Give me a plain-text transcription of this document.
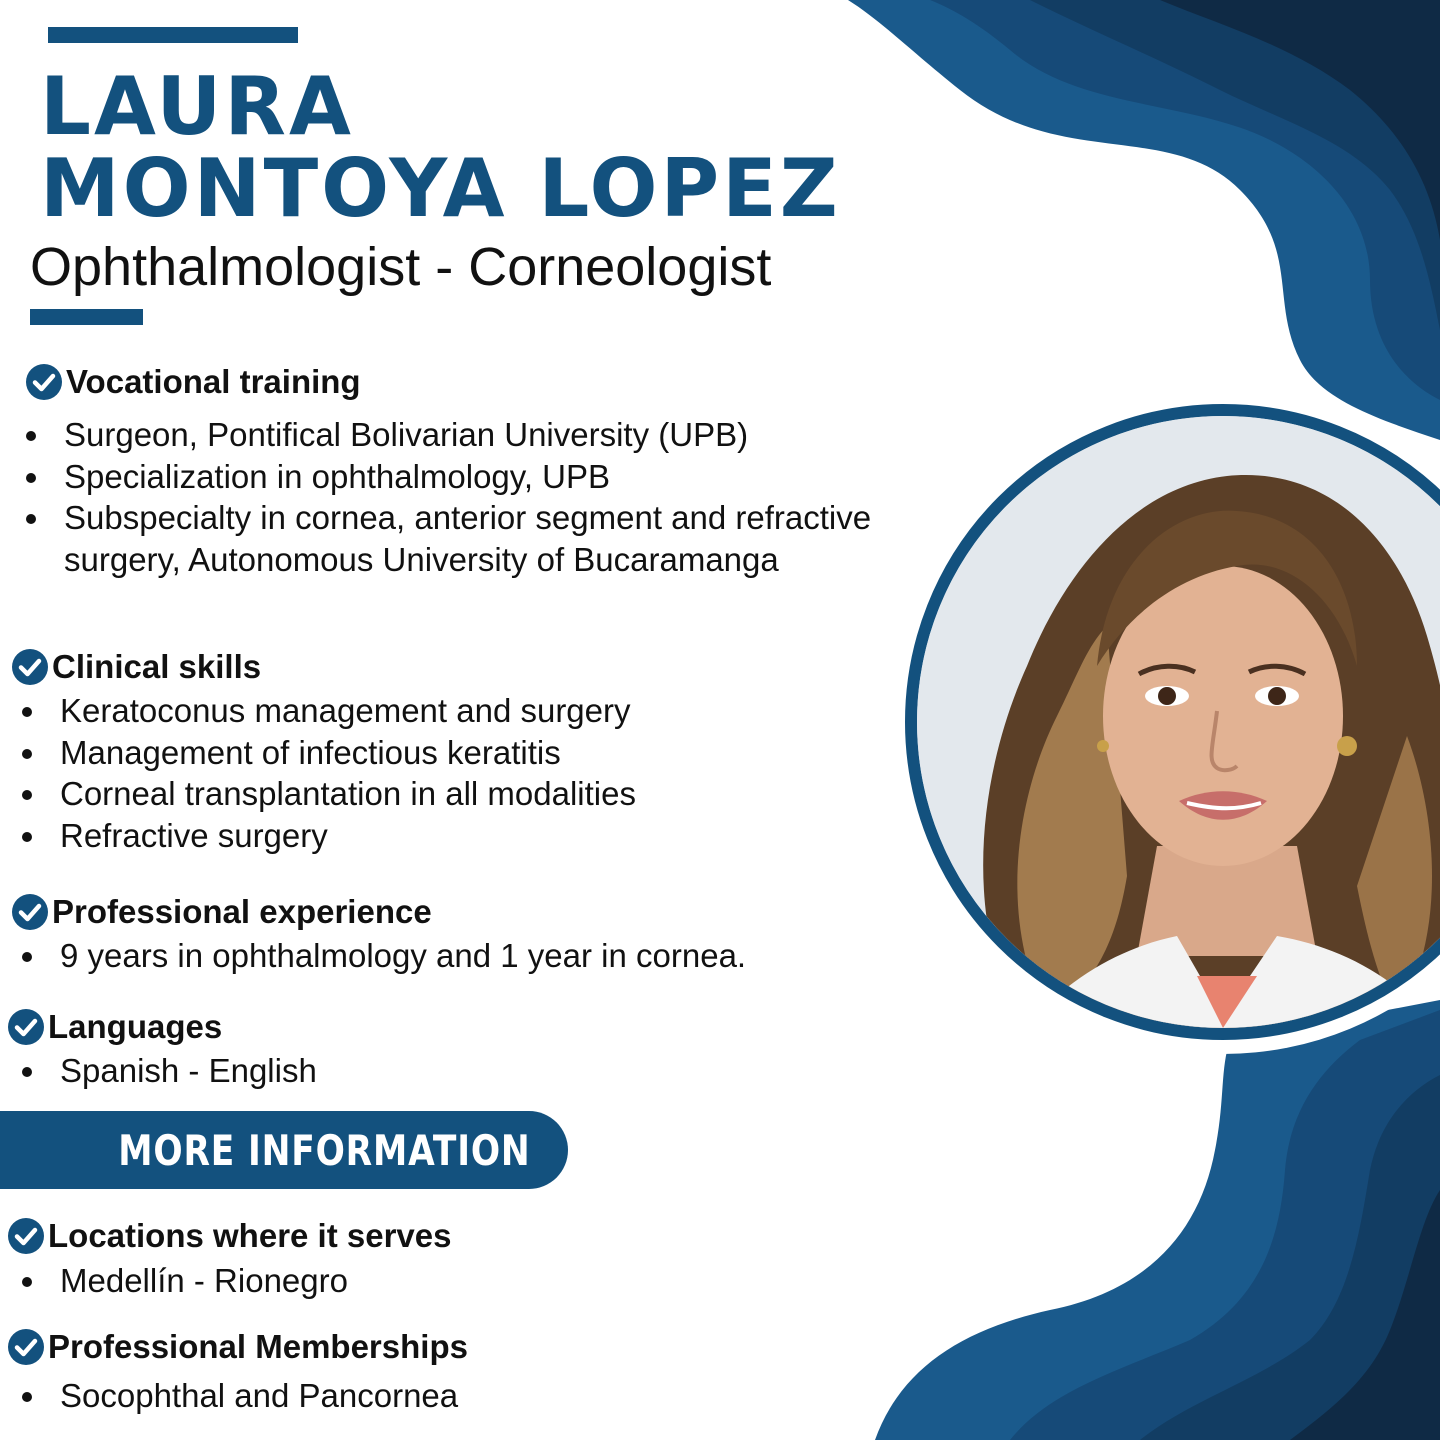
LAURA
MONTOYA LOPEZ
Ophthalmologist - Corneologist
Vocational training
Surgeon, Pontifical Bolivarian University (UPB)
Specialization in ophthalmology, UPB
Subspecialty in cornea, anterior segment and refractive
surgery, Autonomous University of Bucaramanga
Clinical skills
Keratoconus management and surgery
Management of infectious keratitis
Corneal transplantation in all modalities
Refractive surgery
Professional experience
9 years in ophthalmology and 1 year in cornea.
Languages
Spanish - English
MORE INFORMATION
Locations where it serves
Medellín - Rionegro
Professional Memberships
Socophthal and Pancornea
